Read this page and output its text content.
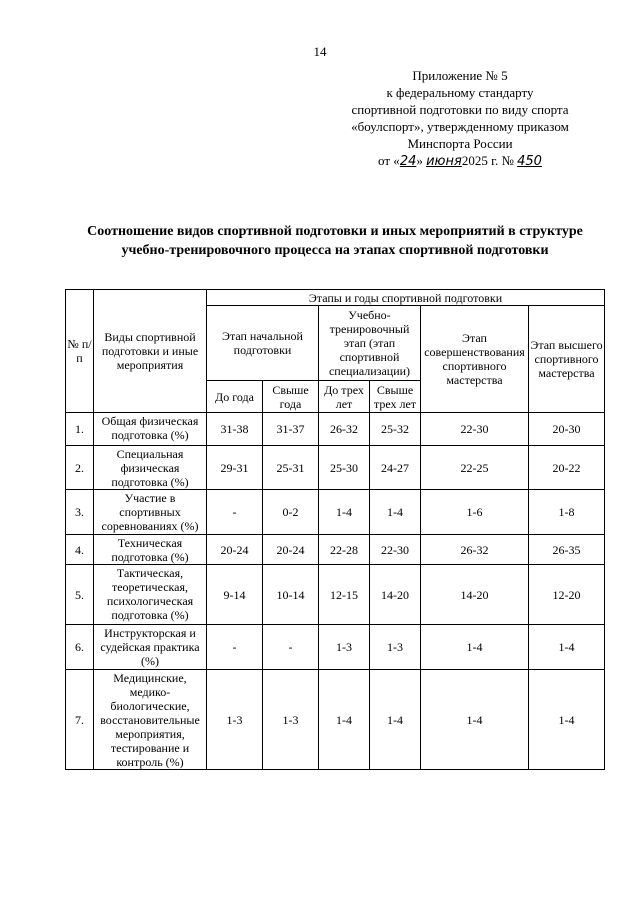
14
Приложение № 5
к федеральному стандарту
спортивной подготовки по виду спорта
«боулспорт», утвержденному приказом
Минспорта России
от «24» июня2025 г. № 450
Соотношение видов спортивной подготовки и иных мероприятий в структуре
учебно-тренировочного процесса на этапах спортивной подготовки
№ п/п	Виды спортивной подготовки и иные мероприятия	Этапы и годы спортивной подготовки					
		Этап начальной подготовки		Учебно-тренировочный этап (этап спортивной специализации)		Этап совершенствования спортивного мастерства	Этап высшего спортивного мастерства
		До года	Свыше года	До трех лет	Свыше трех лет		
1.	Общая физическая подготовка (%)	31-38	31-37	26-32	25-32	22-30	20-30
2.	Специальная физическая подготовка (%)	29-31	25-31	25-30	24-27	22-25	20-22
3.	Участие в спортивных соревнованиях (%)	-	0-2	1-4	1-4	1-6	1-8
4.	Техническая подготовка (%)	20-24	20-24	22-28	22-30	26-32	26-35
5.	Тактическая, теоретическая, психологическая подготовка (%)	9-14	10-14	12-15	14-20	14-20	12-20
6.	Инструкторская и судейская практика (%)	-	-	1-3	1-3	1-4	1-4
7.	Медицинские, медико-биологические, восстановительные мероприятия, тестирование и контроль (%)	1-3	1-3	1-4	1-4	1-4	1-4
